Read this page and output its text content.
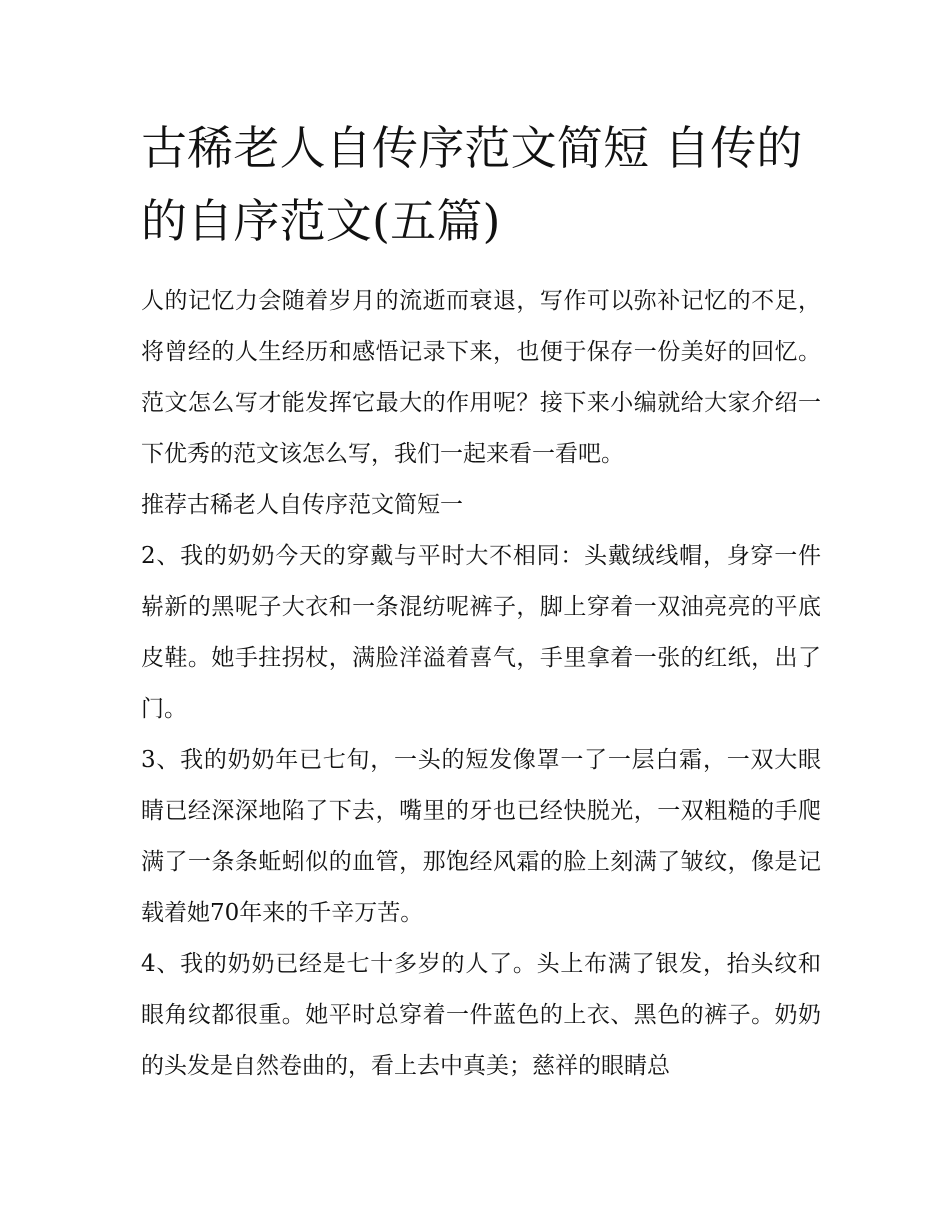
古稀老人自传序范文简短 自传的的自序范文(五篇)

人的记忆力会随着岁月的流逝而衰退，写作可以弥补记忆的不足，将曾经的人生经历和感悟记录下来，也便于保存一份美好的回忆。范文怎么写才能发挥它最大的作用呢？接下来小编就给大家介绍一下优秀的范文该怎么写，我们一起来看一看吧。

推荐古稀老人自传序范文简短一

2、我的奶奶今天的穿戴与平时大不相同：头戴绒线帽，身穿一件崭新的黑呢子大衣和一条混纺呢裤子，脚上穿着一双油亮亮的平底皮鞋。她手拄拐杖，满脸洋溢着喜气，手里拿着一张的红纸，出了门。

3、我的奶奶年已七旬，一头的短发像罩一了一层白霜，一双大眼睛已经深深地陷了下去，嘴里的牙也已经快脱光，一双粗糙的手爬满了一条条蚯蚓似的血管，那饱经风霜的脸上刻满了皱纹，像是记载着她70年来的千辛万苦。

4、我的奶奶已经是七十多岁的人了。头上布满了银发，抬头纹和眼角纹都很重。她平时总穿着一件蓝色的上衣、黑色的裤子。奶奶的头发是自然卷曲的，看上去中真美；慈祥的眼睛总
